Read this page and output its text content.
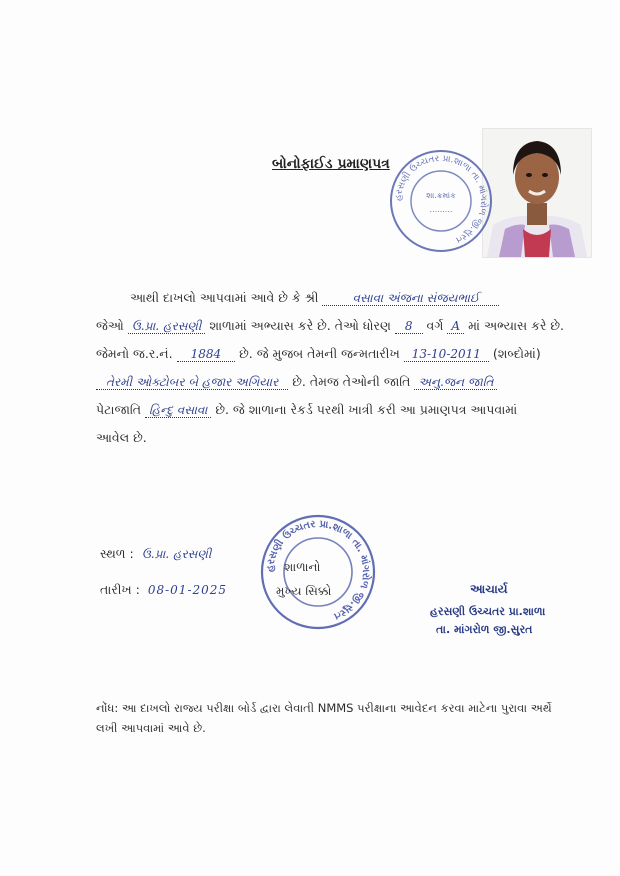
હરસણી ઉચ્ચતર પ્રા.શાળા તા. માંગરોળ જી.સુરત
શા.ક્રમાંક
.........
બોનોફાઈડ પ્રમાણપત્ર
આથી દાખલો આપવામાં આવે છે કે શ્રી	વસાવા અંજના સંજયભાઈ
જેઓ ઉ.પ્રા. હરસણી શાળામાં અભ્યાસ કરે છે. તેઓ ધોરણ 8 વર્ગ A માં અભ્યાસ કરે છે.
જેમનો જ.ર.નં. 1884 છે. જે મુજબ તેમની જન્મતારીખ 13-10-2011 (શબ્દોમાં)
તેરમી ઓક્ટોબર બે હજાર અગિયાર છે. તેમજ તેઓની જાતિ અનુ.જન જાતિ
પેટાજાતિ હિન્દુ વસાવા છે. જે શાળાના રેકર્ડ પરથી ખાત્રી કરી આ પ્રમાણપત્ર આપવામાં
આવેલ છે.
સ્થળ : ઉ.પ્રા. હરસણી
તારીખ : 08-01-2025
હરસણી ઉચ્ચતર પ્રા.શાળા તા. માંગરોળ જી.સુરત
શાળાનો
મુખ્ય સિક્કો	આચાર્ય
હરસણી ઉચ્ચતર પ્રા.શાળા
તા. માંગરોળ જી.સુરત
નોંધ: આ દાખલો રાજ્ય પરીક્ષા બોર્ડ દ્વારા લેવાતી NMMS પરીક્ષાના આવેદન કરવા માટેના પુરાવા અર્થે લખી આપવામાં આવે છે.
